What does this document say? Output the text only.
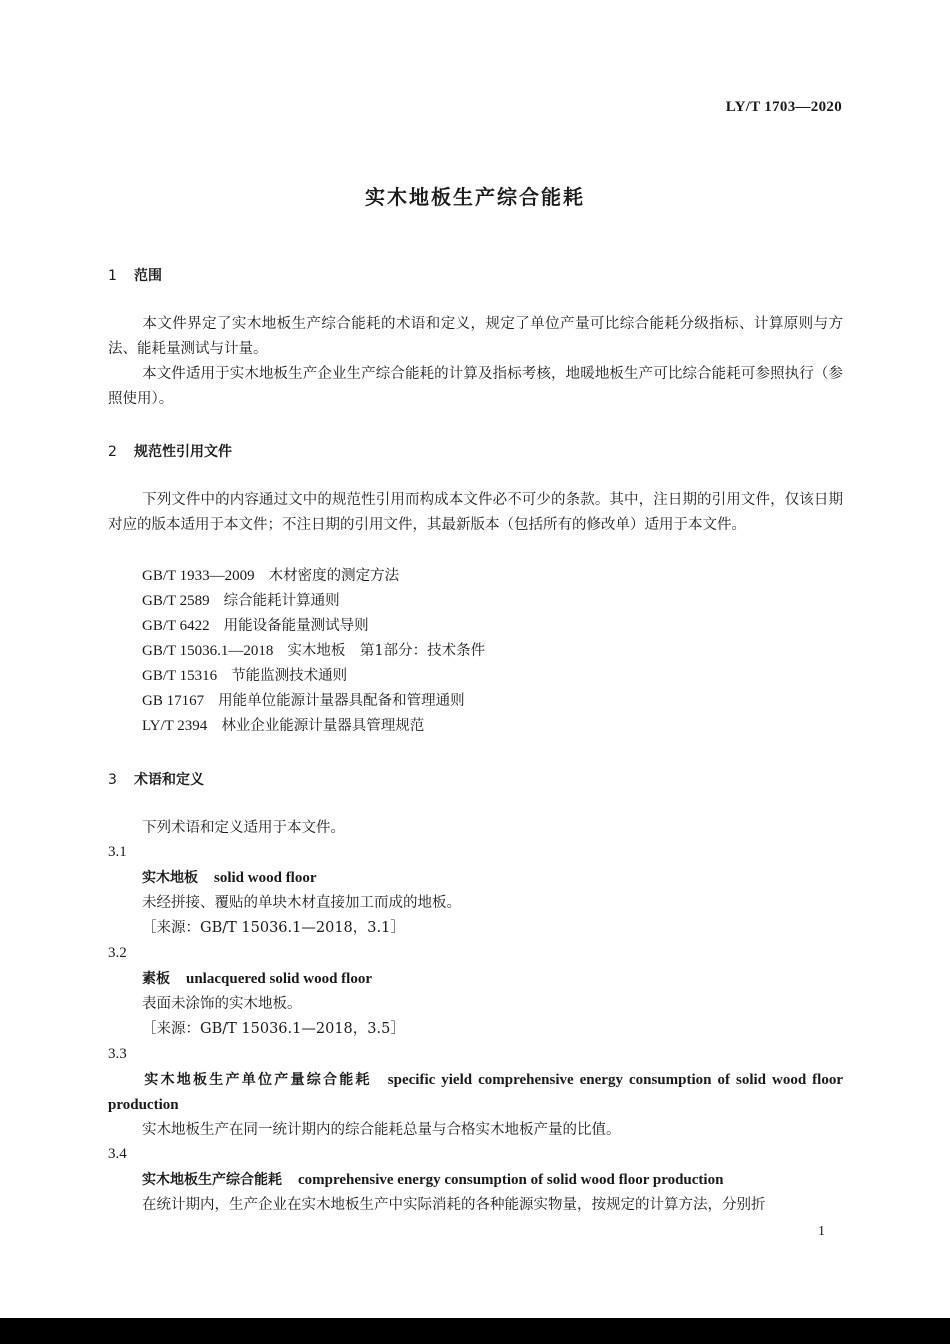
LY/T 1703—2020
实木地板生产综合能耗
1 范围
本文件界定了实木地板生产综合能耗的术语和定义，规定了单位产量可比综合能耗分级指标、计算原则与方法、能耗量测试与计量。
本文件适用于实木地板生产企业生产综合能耗的计算及指标考核，地暖地板生产可比综合能耗可参照执行（参照使用）。
2 规范性引用文件
下列文件中的内容通过文中的规范性引用而构成本文件必不可少的条款。其中，注日期的引用文件，仅该日期对应的版本适用于本文件；不注日期的引用文件，其最新版本（包括所有的修改单）适用于本文件。
GB/T 1933—2009 木材密度的测定方法
GB/T 2589 综合能耗计算通则
GB/T 6422 用能设备能量测试导则
GB/T 15036.1—2018 实木地板　第1部分：技术条件
GB/T 15316 节能监测技术通则
GB 17167 用能单位能源计量器具配备和管理通则
LY/T 2394 林业企业能源计量器具管理规范
3 术语和定义
下列术语和定义适用于本文件。
3.1
实木地板 solid wood floor
未经拼接、覆贴的单块木材直接加工而成的地板。
［来源：GB/T 15036.1—2018，3.1］
3.2
素板 unlacquered solid wood floor
表面未涂饰的实木地板。
［来源：GB/T 15036.1—2018，3.5］
3.3
实木地板生产单位产量综合能耗 specific yield comprehensive energy consumption of solid wood floor production
实木地板生产在同一统计期内的综合能耗总量与合格实木地板产量的比值。
3.4
实木地板生产综合能耗 comprehensive energy consumption of solid wood floor production
在统计期内，生产企业在实木地板生产中实际消耗的各种能源实物量，按规定的计算方法，分别折
1
